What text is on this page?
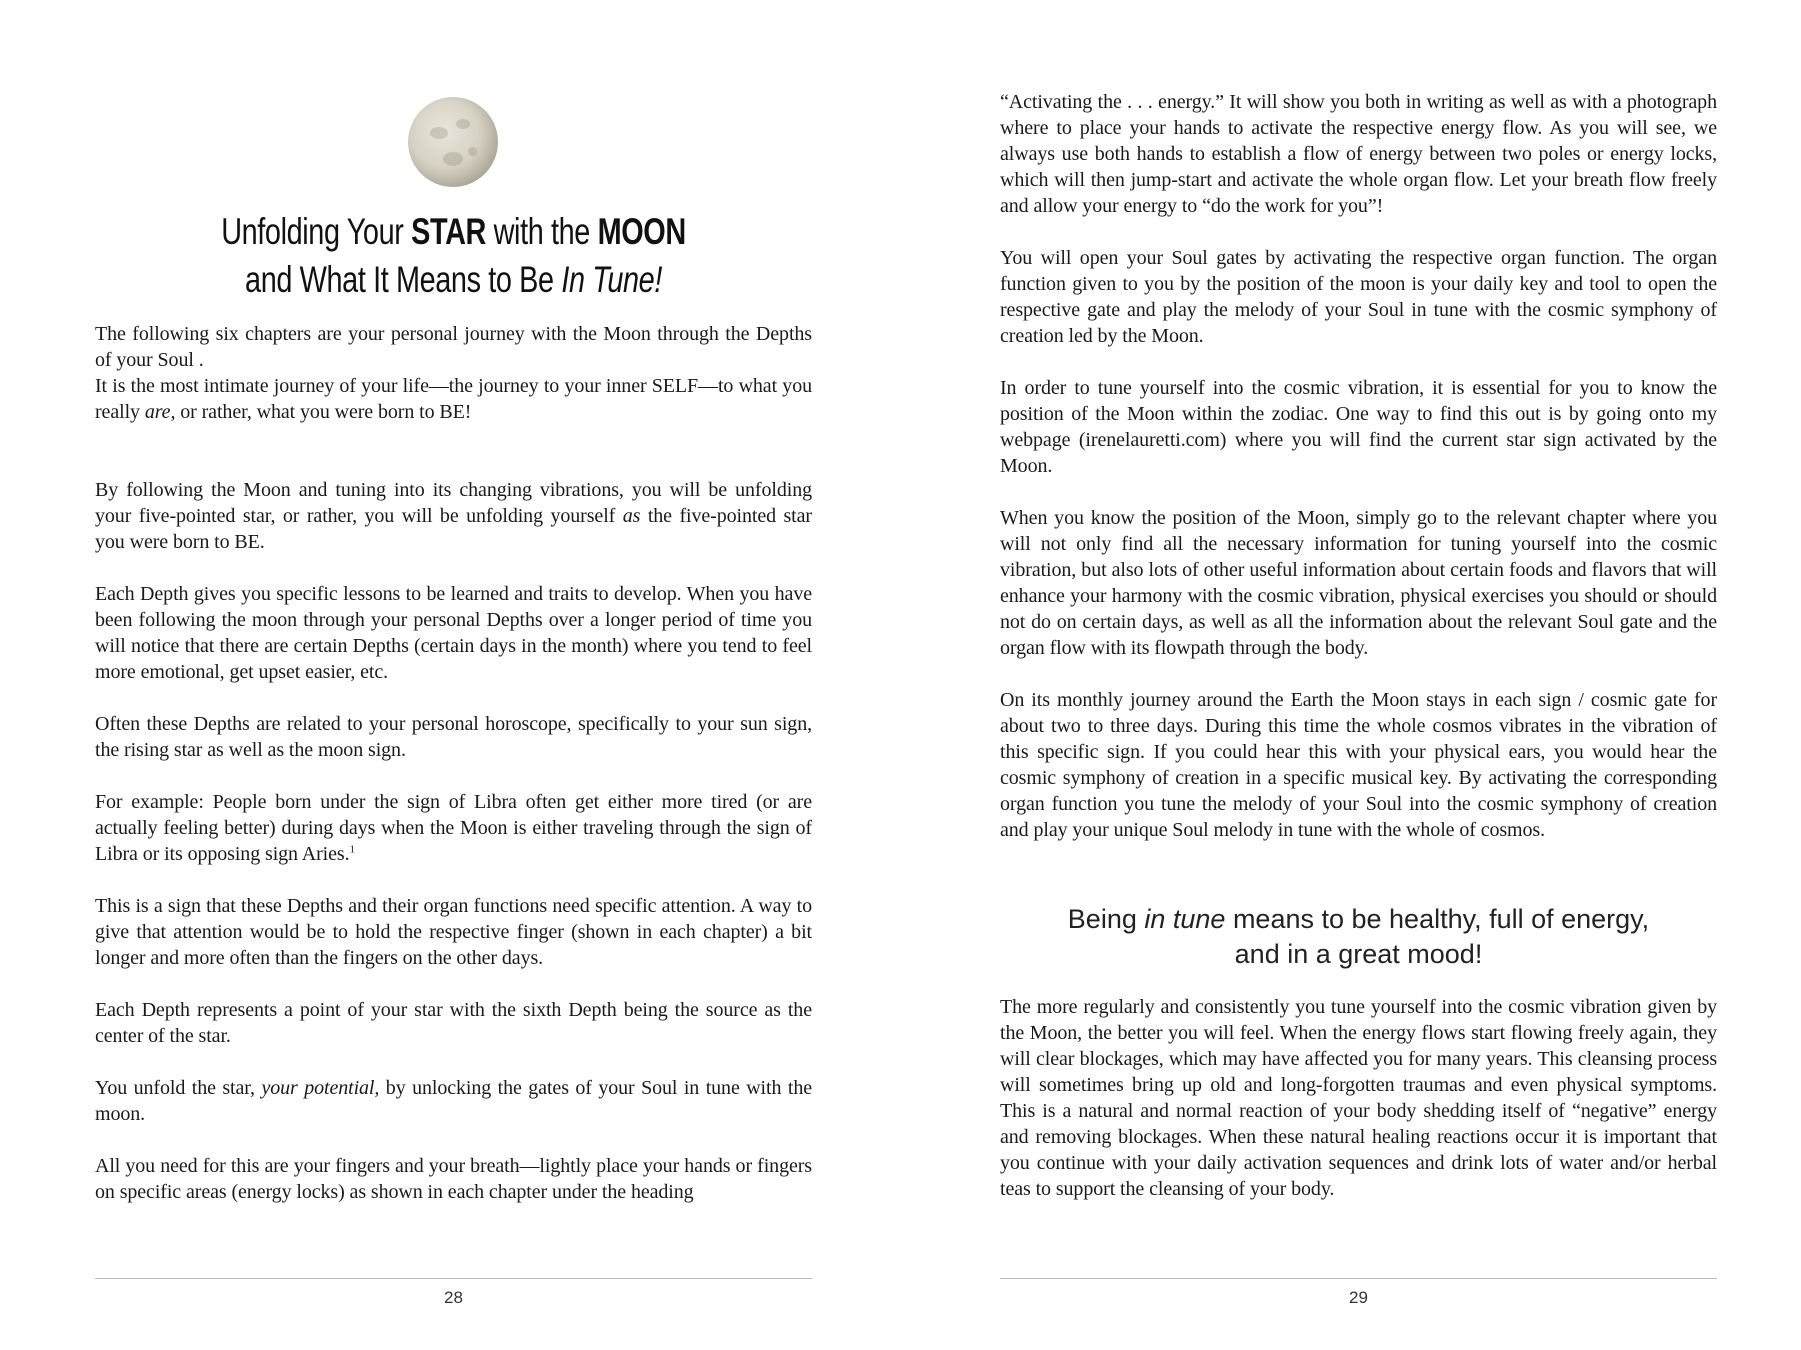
Unfolding Your STAR with the MOON
and What It Means to Be In Tune!

The following six chapters are your personal journey with the Moon through the Depths of your Soul .

It is the most intimate journey of your life—the journey to your inner SELF—to what you really are, or rather, what you were born to BE!

By following the Moon and tuning into its changing vibrations, you will be unfolding your five-pointed star, or rather, you will be unfolding yourself as the five-pointed star you were born to BE.

Each Depth gives you specific lessons to be learned and traits to develop. When you have been following the moon through your personal Depths over a longer period of time you will notice that there are certain Depths (certain days in the month) where you tend to feel more emotional, get upset easier, etc.

Often these Depths are related to your personal horoscope, specifically to your sun sign, the rising star as well as the moon sign.

For example: People born under the sign of Libra often get either more tired (or are actually feeling better) during days when the Moon is either traveling through the sign of Libra or its opposing sign Aries.$^1$

This is a sign that these Depths and their organ functions need specific attention. A way to give that attention would be to hold the respective finger (shown in each chapter) a bit longer and more often than the fingers on the other days.

Each Depth represents a point of your star with the sixth Depth being the source as the center of the star.

You unfold the star, your potential, by unlocking the gates of your Soul in tune with the moon.

All you need for this are your fingers and your breath—lightly place your hands or fingers on specific areas (energy locks) as shown in each chapter under the heading

28

“Activating the . . . energy.” It will show you both in writing as well as with a photograph where to place your hands to activate the respective energy flow. As you will see, we always use both hands to establish a flow of energy between two poles or energy locks, which will then jump-start and activate the whole organ flow. Let your breath flow freely and allow your energy to “do the work for you”!

You will open your Soul gates by activating the respective organ function. The organ function given to you by the position of the moon is your daily key and tool to open the respective gate and play the melody of your Soul in tune with the cosmic symphony of creation led by the Moon.

In order to tune yourself into the cosmic vibration, it is essential for you to know the position of the Moon within the zodiac. One way to find this out is by going onto my webpage (irenelauretti.com) where you will find the current star sign activated by the Moon.

When you know the position of the Moon, simply go to the relevant chapter where you will not only find all the necessary information for tuning yourself into the cosmic vibration, but also lots of other useful information about certain foods and flavors that will enhance your harmony with the cosmic vibration, physical exercises you should or should not do on certain days, as well as all the information about the relevant Soul gate and the organ flow with its flowpath through the body.

On its monthly journey around the Earth the Moon stays in each sign / cosmic gate for about two to three days. During this time the whole cosmos vibrates in the vibration of this specific sign. If you could hear this with your physical ears, you would hear the cosmic symphony of creation in a specific musical key. By activating the corresponding organ function you tune the melody of your Soul into the cosmic symphony of creation and play your unique Soul melody in tune with the whole of cosmos.

Being in tune means to be healthy, full of energy,
and in a great mood!

The more regularly and consistently you tune yourself into the cosmic vibration given by the Moon, the better you will feel. When the energy flows start flowing freely again, they will clear blockages, which may have affected you for many years. This cleansing process will sometimes bring up old and long-forgotten traumas and even physical symptoms. This is a natural and normal reaction of your body shedding itself of “negative” energy and removing blockages. When these natural healing reactions occur it is important that you continue with your daily activation sequences and drink lots of water and/or herbal teas to support the cleansing of your body.

29
